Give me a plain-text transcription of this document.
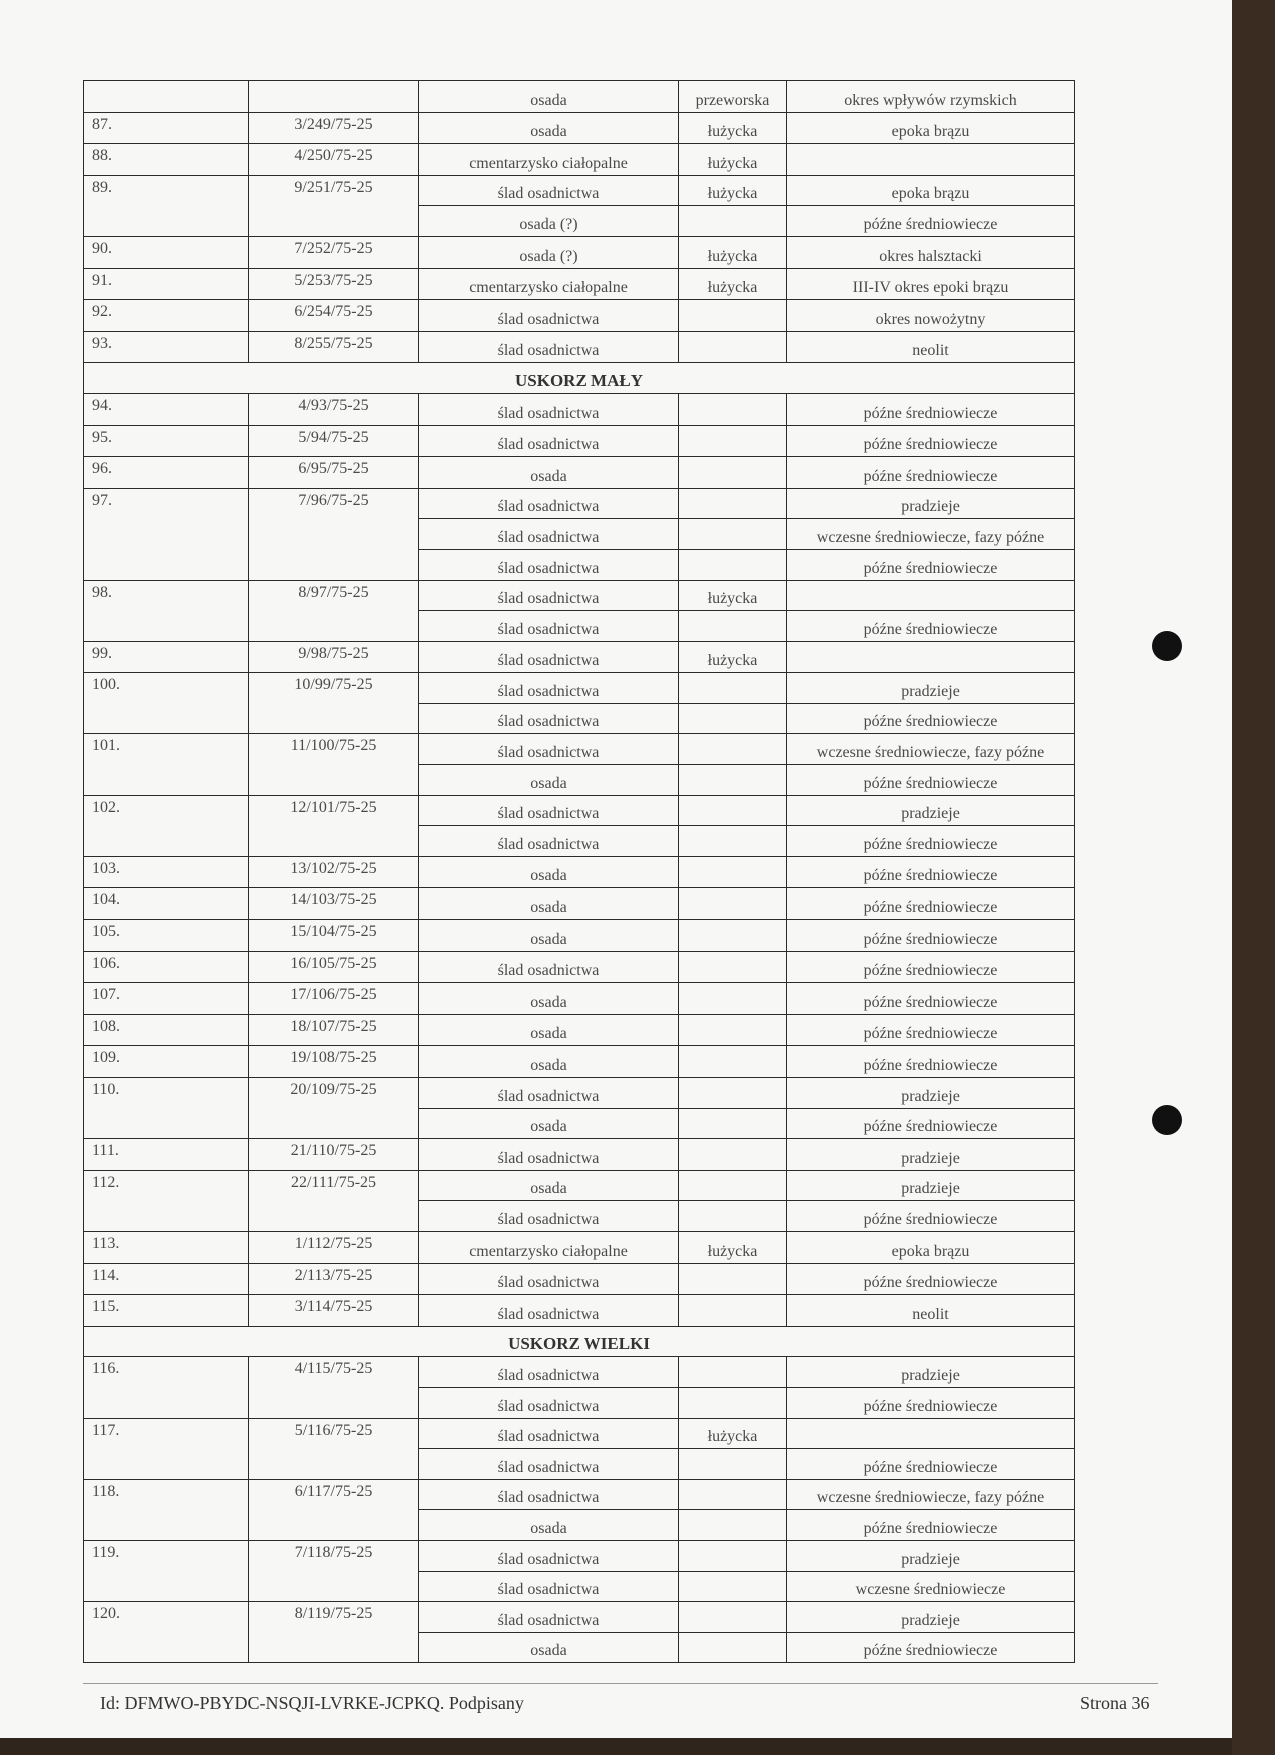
		osada	przeworska	okres wpływów rzymskich
87.	3/249/75-25	osada	łużycka	epoka brązu
88.	4/250/75-25	cmentarzysko ciałopalne	łużycka	
89.	9/251/75-25	ślad osadnictwa	łużycka	epoka brązu
		osada (?)		późne średniowiecze
90.	7/252/75-25	osada (?)	łużycka	okres halsztacki
91.	5/253/75-25	cmentarzysko ciałopalne	łużycka	III-IV okres epoki brązu
92.	6/254/75-25	ślad osadnictwa		okres nowożytny
93.	8/255/75-25	ślad osadnictwa		neolit
USKORZ MAŁY				
94.	4/93/75-25	ślad osadnictwa		późne średniowiecze
95.	5/94/75-25	ślad osadnictwa		późne średniowiecze
96.	6/95/75-25	osada		późne średniowiecze
97.	7/96/75-25	ślad osadnictwa		pradzieje
		ślad osadnictwa		wczesne średniowiecze, fazy późne
		ślad osadnictwa		późne średniowiecze
98.	8/97/75-25	ślad osadnictwa	łużycka	
		ślad osadnictwa		późne średniowiecze
99.	9/98/75-25	ślad osadnictwa	łużycka	
100.	10/99/75-25	ślad osadnictwa		pradzieje
		ślad osadnictwa		późne średniowiecze
101.	11/100/75-25	ślad osadnictwa		wczesne średniowiecze, fazy późne
		osada		późne średniowiecze
102.	12/101/75-25	ślad osadnictwa		pradzieje
		ślad osadnictwa		późne średniowiecze
103.	13/102/75-25	osada		późne średniowiecze
104.	14/103/75-25	osada		późne średniowiecze
105.	15/104/75-25	osada		późne średniowiecze
106.	16/105/75-25	ślad osadnictwa		późne średniowiecze
107.	17/106/75-25	osada		późne średniowiecze
108.	18/107/75-25	osada		późne średniowiecze
109.	19/108/75-25	osada		późne średniowiecze
110.	20/109/75-25	ślad osadnictwa		pradzieje
		osada		późne średniowiecze
111.	21/110/75-25	ślad osadnictwa		pradzieje
112.	22/111/75-25	osada		pradzieje
		ślad osadnictwa		późne średniowiecze
113.	1/112/75-25	cmentarzysko ciałopalne	łużycka	epoka brązu
114.	2/113/75-25	ślad osadnictwa		późne średniowiecze
115.	3/114/75-25	ślad osadnictwa		neolit
USKORZ WIELKI				
116.	4/115/75-25	ślad osadnictwa		pradzieje
		ślad osadnictwa		późne średniowiecze
117.	5/116/75-25	ślad osadnictwa	łużycka	
		ślad osadnictwa		późne średniowiecze
118.	6/117/75-25	ślad osadnictwa		wczesne średniowiecze, fazy późne
		osada		późne średniowiecze
119.	7/118/75-25	ślad osadnictwa		pradzieje
		ślad osadnictwa		wczesne średniowiecze
120.	8/119/75-25	ślad osadnictwa		pradzieje
		osada		późne średniowiecze
Id: DFMWO-PBYDC-NSQJI-LVRKE-JCPKQ. Podpisany	Strona 36
